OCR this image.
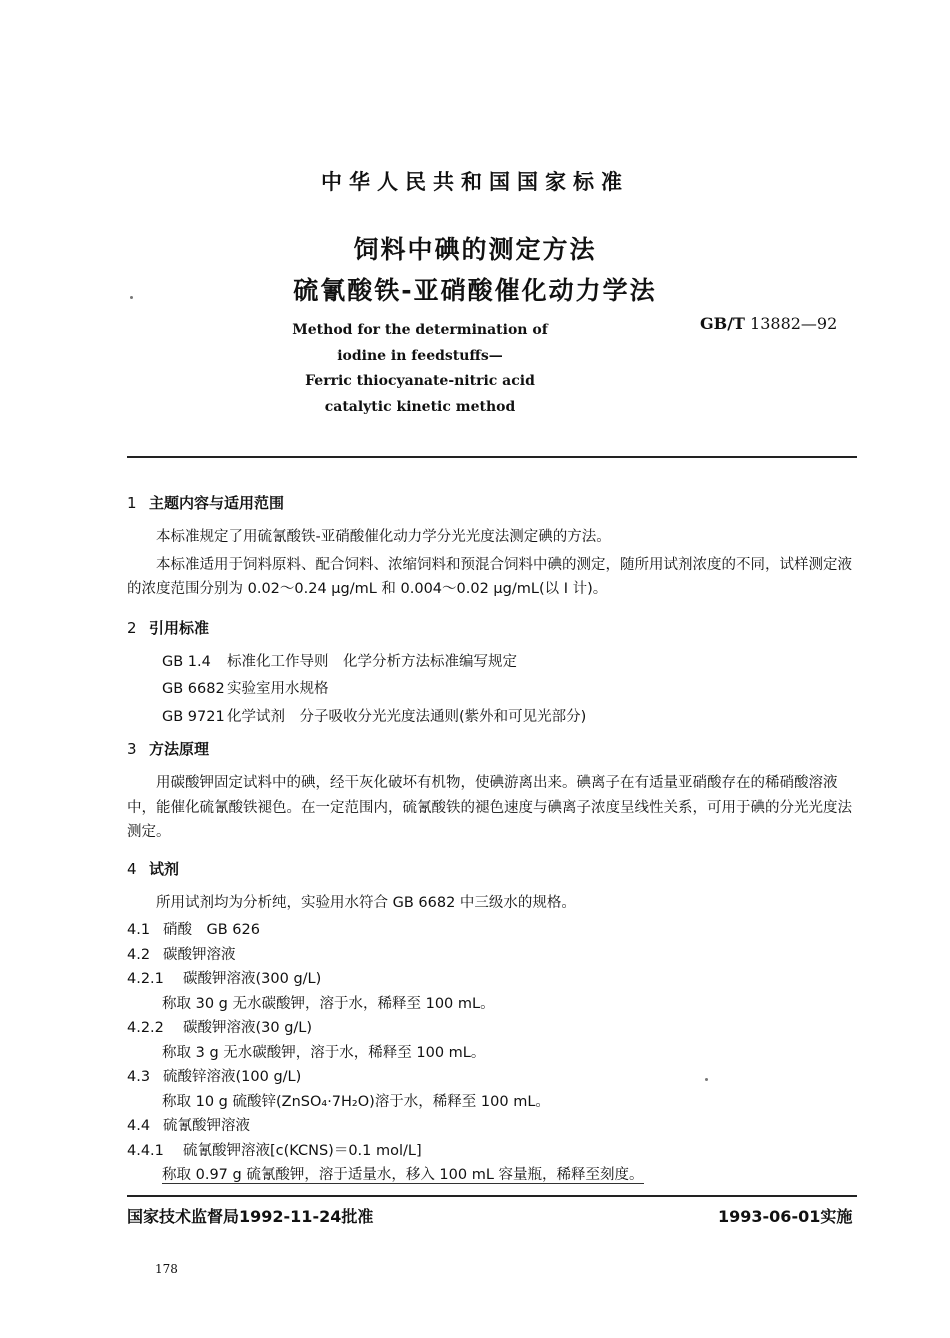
中华人民共和国国家标准
饲料中碘的测定方法
硫氰酸铁-亚硝酸催化动力学法
Method for the determination of
iodine in feedstuffs—
Ferric thiocyanate-nitric acid
catalytic kinetic method
GB/T 13882—92
1 主题内容与适用范围
本标准规定了用硫氰酸铁-亚硝酸催化动力学分光光度法测定碘的方法。
本标准适用于饲料原料、配合饲料、浓缩饲料和预混合饲料中碘的测定，随所用试剂浓度的不同，试样测定液的浓度范围分别为 0.02～0.24 μg/mL 和 0.004～0.02 μg/mL(以 I 计)。
2 引用标准
GB 1.4 标准化工作导则　化学分析方法标准编写规定
GB 6682 实验室用水规格
GB 9721 化学试剂　分子吸收分光光度法通则(紫外和可见光部分)
3 方法原理
用碳酸钾固定试料中的碘，经干灰化破坏有机物，使碘游离出来。碘离子在有适量亚硝酸存在的稀硝酸溶液中，能催化硫氰酸铁褪色。在一定范围内，硫氰酸铁的褪色速度与碘离子浓度呈线性关系，可用于碘的分光光度法测定。
4 试剂
所用试剂均为分析纯，实验用水符合 GB 6682 中三级水的规格。
4.1 硝酸　GB 626
4.2 碳酸钾溶液
4.2.1 碳酸钾溶液(300 g/L)
称取 30 g 无水碳酸钾，溶于水，稀释至 100 mL。
4.2.2 碳酸钾溶液(30 g/L)
称取 3 g 无水碳酸钾，溶于水，稀释至 100 mL。
4.3 硫酸锌溶液(100 g/L)
称取 10 g 硫酸锌(ZnSO₄·7H₂O)溶于水，稀释至 100 mL。
4.4 硫氰酸钾溶液
4.4.1 硫氰酸钾溶液[c(KCNS)＝0.1 mol/L]
称取 0.97 g 硫氰酸钾，溶于适量水，移入 100 mL 容量瓶，稀释至刻度。
国家技术监督局1992-11-24批准	1993-06-01实施
178
